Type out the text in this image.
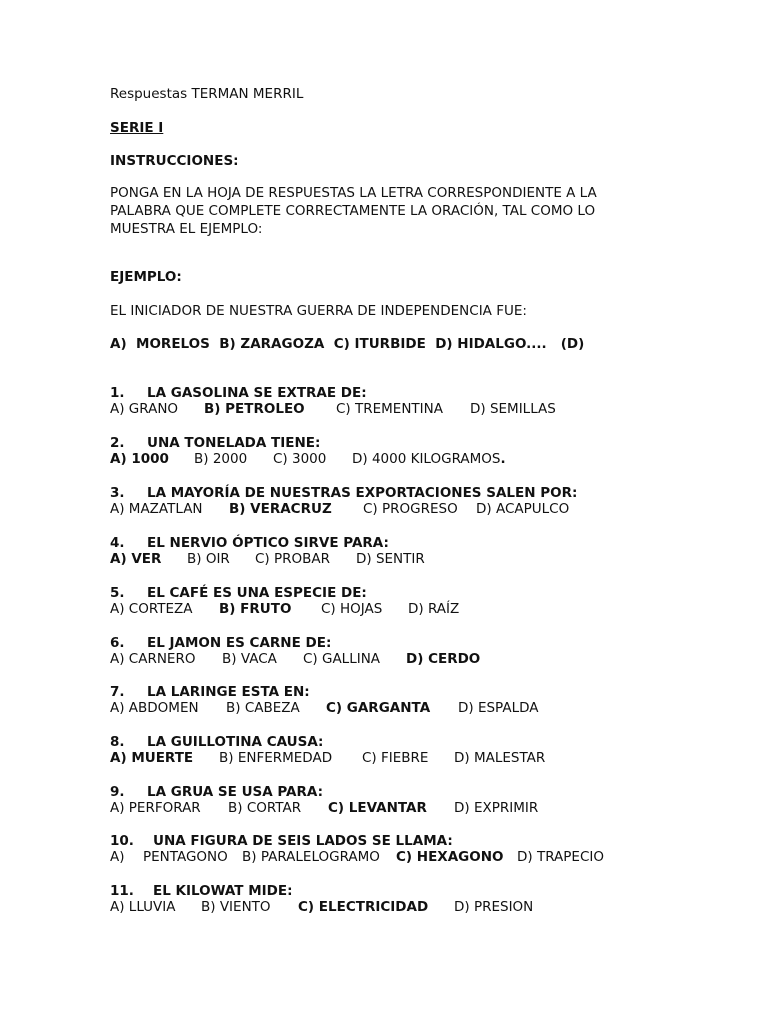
Respuestas TERMAN MERRIL
SERIE I
INSTRUCCIONES:
PONGA EN LA HOJA DE RESPUESTAS LA LETRA CORRESPONDIENTE A LA
PALABRA QUE COMPLETE CORRECTAMENTE LA ORACIÓN, TAL COMO LO
MUESTRA EL EJEMPLO:
EJEMPLO:
EL INICIADOR DE NUESTRA GUERRA DE INDEPENDENCIA FUE:
A)  MORELOS  B) ZARAGOZA  C) ITURBIDE  D) HIDALGO....   (D)
1. LA GASOLINA SE EXTRAE DE:
A) GRANO B) PETROLEO C) TREMENTINA D) SEMILLAS
2. UNA TONELADA TIENE:
A) 1000 B) 2000 C) 3000 D) 4000 KILOGRAMOS.
3. LA MAYORÍA DE NUESTRAS EXPORTACIONES SALEN POR:
A) MAZATLAN B) VERACRUZ C) PROGRESO D) ACAPULCO
4. EL NERVIO ÓPTICO SIRVE PARA:
A) VER B) OIR C) PROBAR D) SENTIR
5. EL CAFÉ ES UNA ESPECIE DE:
A) CORTEZA B) FRUTO C) HOJAS D) RAÍZ
6. EL JAMON ES CARNE DE:
A) CARNERO B) VACA C) GALLINA D) CERDO
7. LA LARINGE ESTA EN:
A) ABDOMEN B) CABEZA C) GARGANTA D) ESPALDA
8. LA GUILLOTINA CAUSA:
A) MUERTE B) ENFERMEDAD C) FIEBRE D) MALESTAR
9. LA GRUA SE USA PARA:
A) PERFORAR B) CORTAR C) LEVANTAR D) EXPRIMIR
10. UNA FIGURA DE SEIS LADOS SE LLAMA:
A) PENTAGONO B) PARALELOGRAMO C) HEXAGONO D) TRAPECIO
11. EL KILOWAT MIDE:
A) LLUVIA B) VIENTO C) ELECTRICIDAD D) PRESION
